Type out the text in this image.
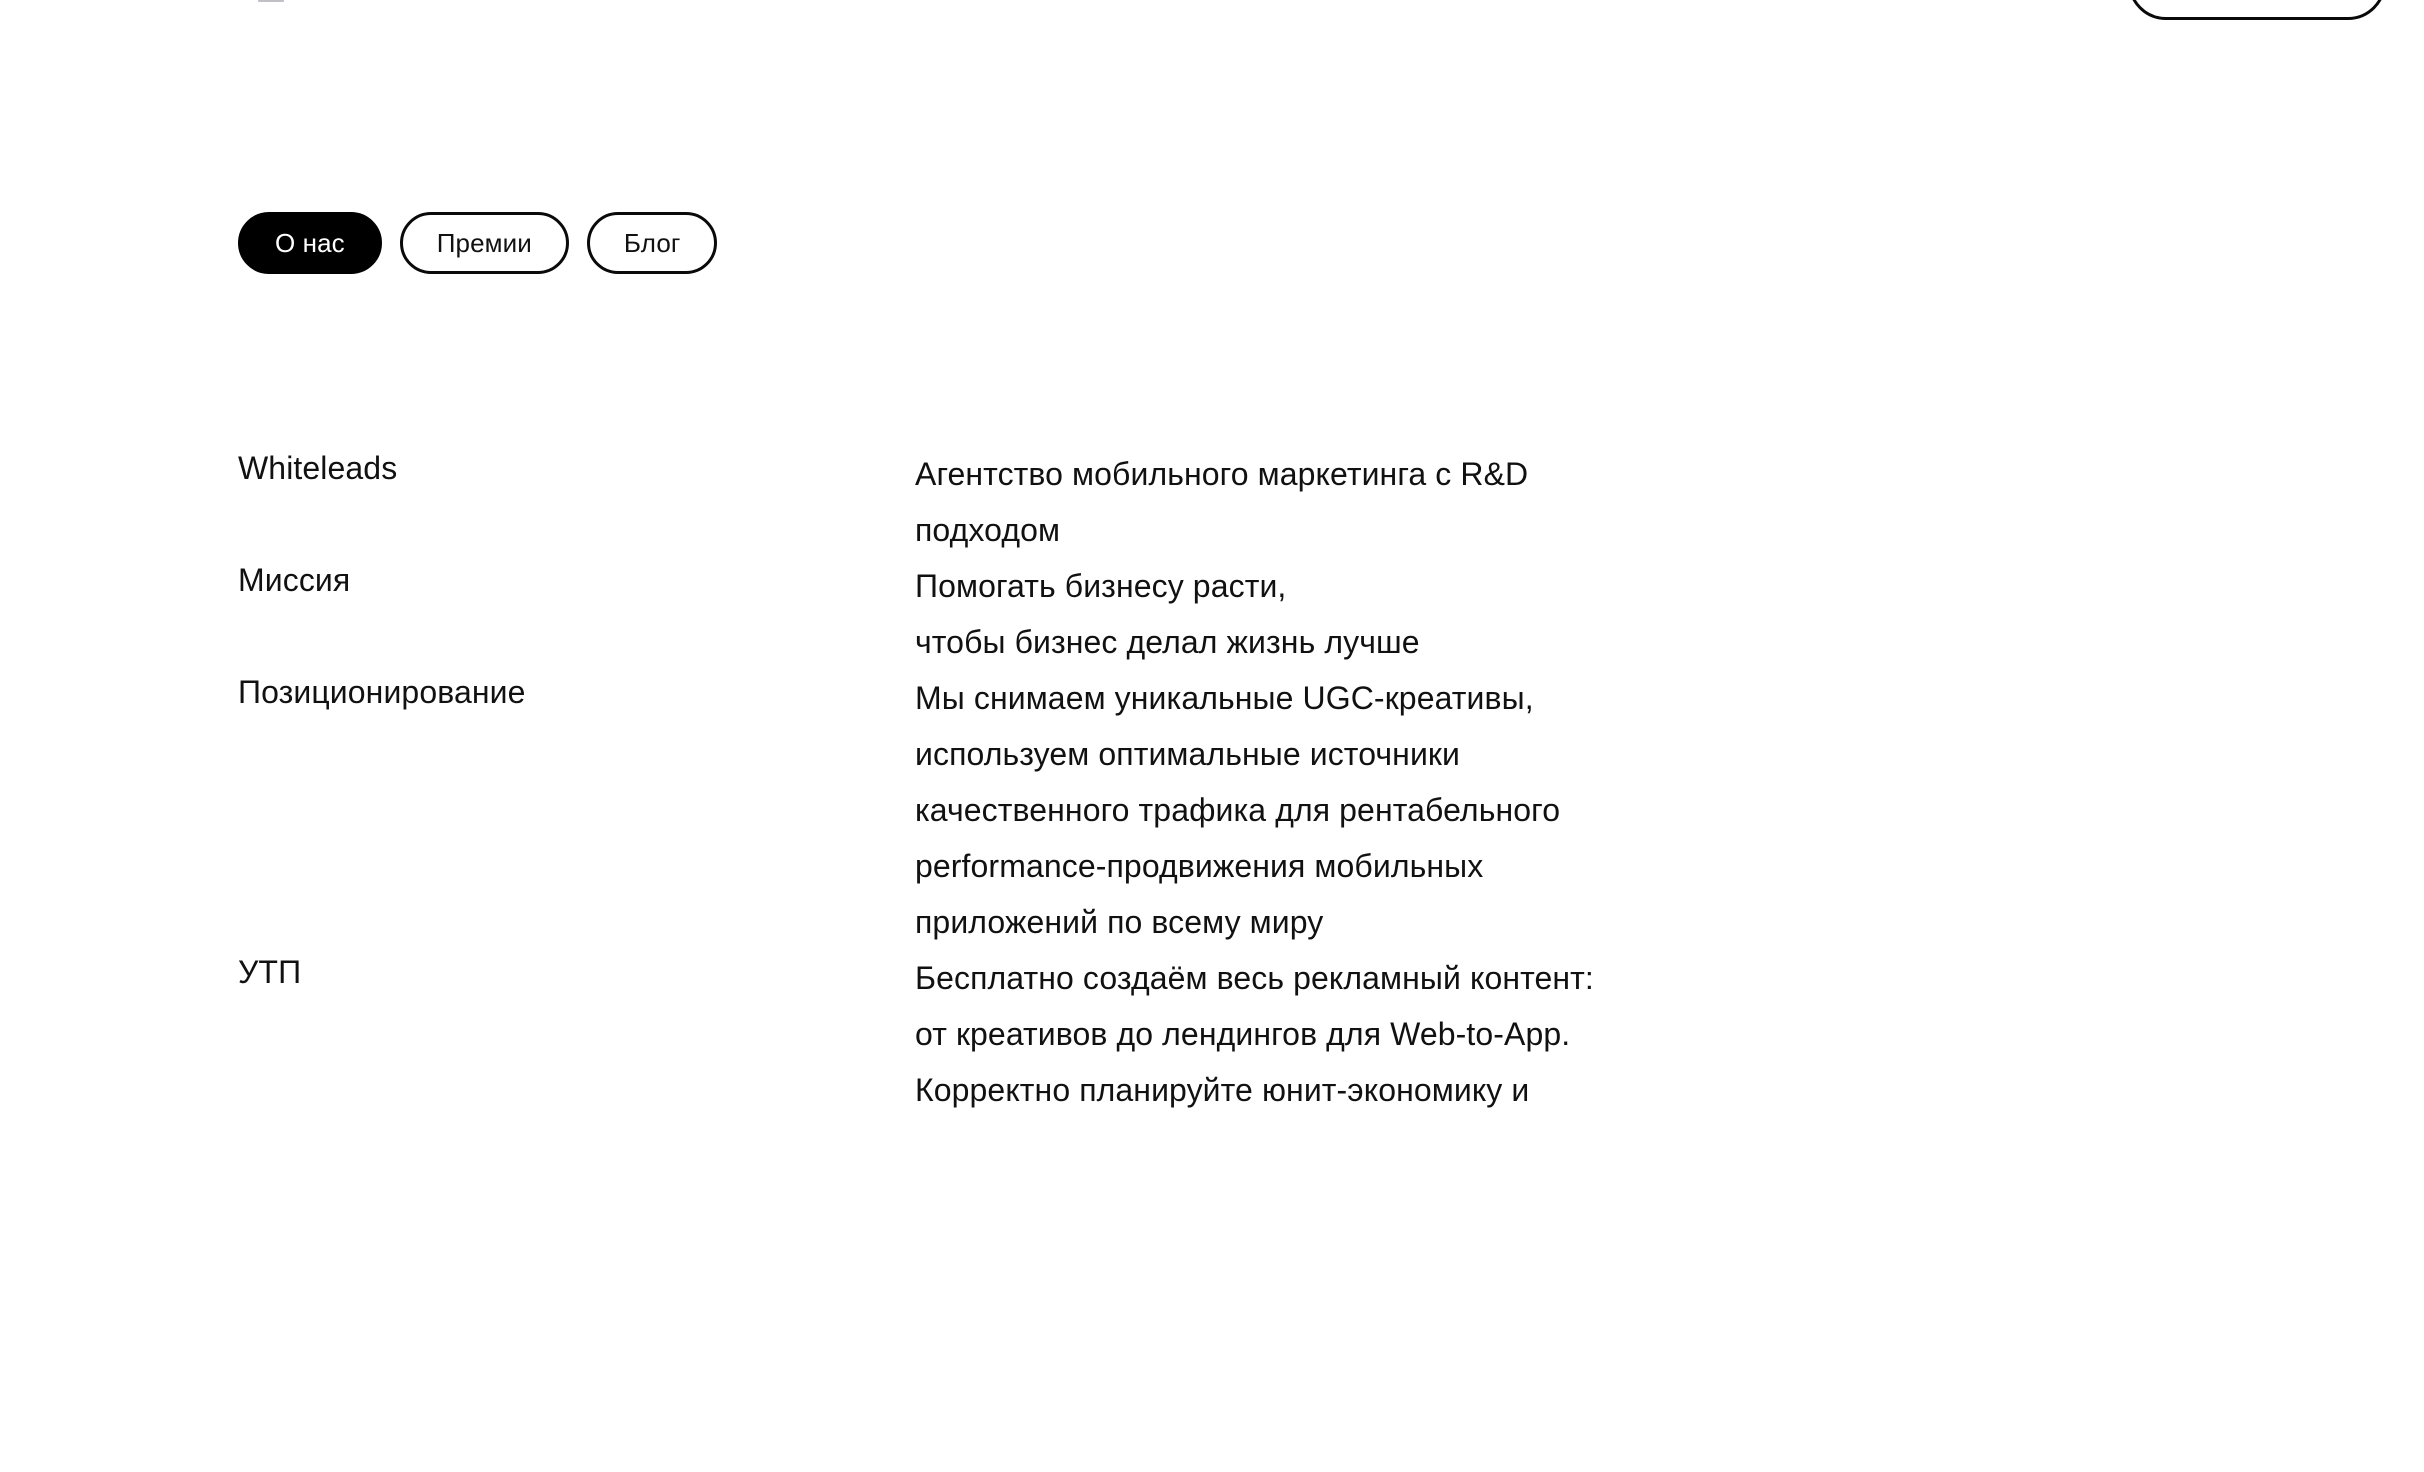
О нас	Премии	Блог
Whiteleads	Агентство мобильного маркетинга с R&D
подходом
Миссия	Помогать бизнесу расти,
чтобы бизнес делал жизнь лучше
Позиционирование	Мы снимаем уникальные UGC-креативы,
используем оптимальные источники
качественного трафика для рентабельного
performance-продвижения мобильных
приложений по всему миру
УТП	Бесплатно создаём весь рекламный контент:
от креативов до лендингов для Web-to-App.
Корректно планируйте юнит-экономику и
